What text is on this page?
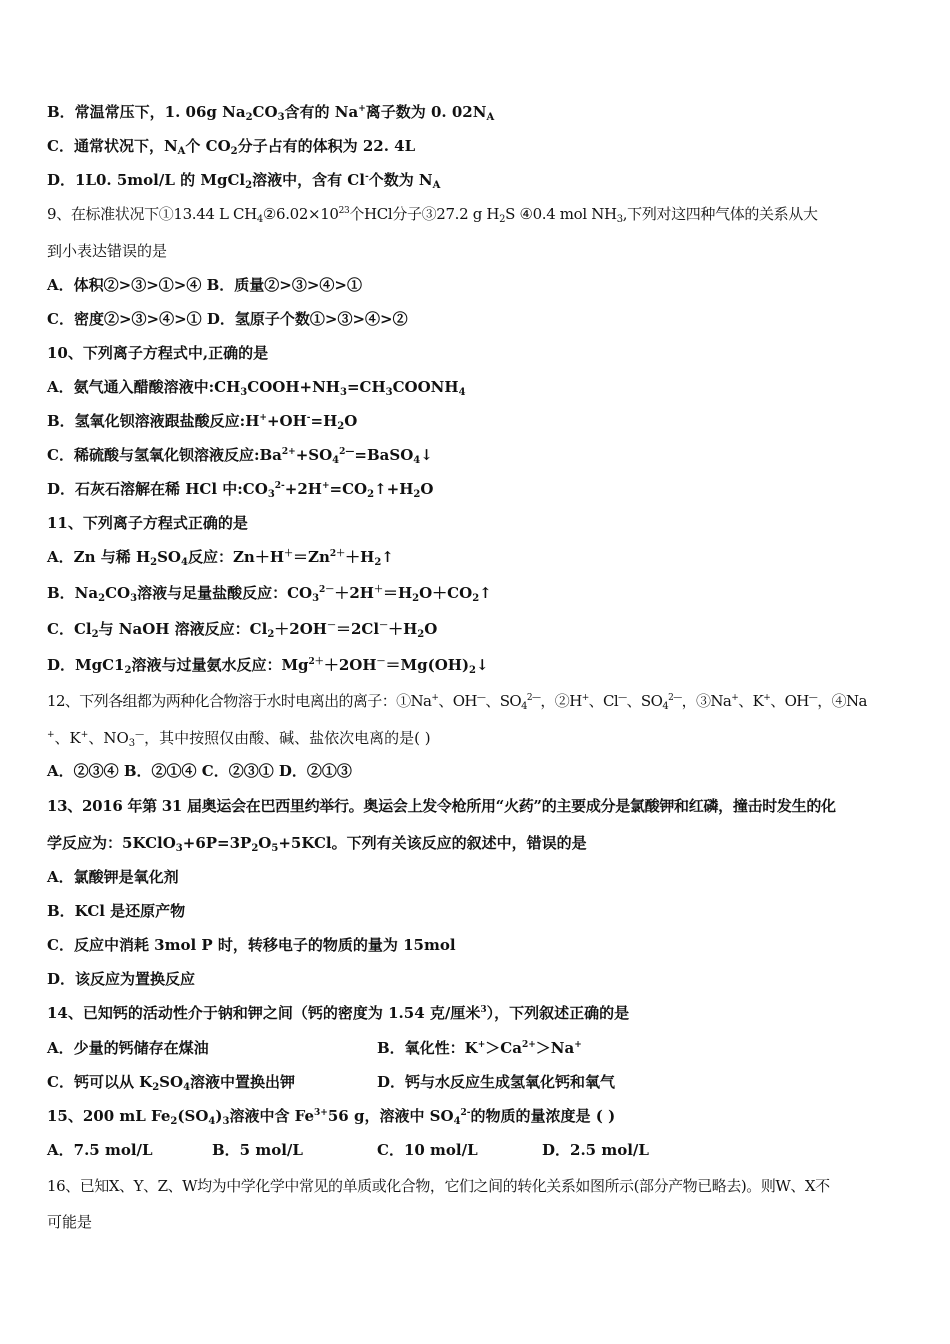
B．常温常压下，1. 06g $Na_2CO_3$含有的 Na+离子数为 0. $02N_A$
C．通常状况下，$N_A$个 $CO_2$分子占有的体积为 22. 4L
D．1L0. 5mol/L 的 MgCl$_2$溶液中，含有 Cl-个数为 $N_A$
9、在标准状况下①13.44 L $CH_4②6.02\times 10^{23}$个HCl分子③27.2 g $H_2S$ ④0.4 mol $NH_3$,下列对这四种气体的关系从大
到小表达错误的是
A．体积②>③>①>④ B．质量②>③>④>①
C．密度②>③>④>① D．氢原子个数①>③>④>②
10、下列离子方程式中,正确的是
A．氨气通入醋酸溶液中$:CH_3COOH+NH_3=CH_3COONH_4$
B．氢氧化钡溶液跟盐酸反应$:H^++OH^-=H_2O$
C．稀硫酸与氢氧化钡溶液反应$:Ba^{2+}+SO_4^{2—}=BaSO_4↓$
D．石灰石溶解在稀 HCl 中$:CO_3^{2-}+2H^+=CO_2↑+H_2O$
11、下列离子方程式正确的是
A．Zn 与稀 $H_2SO_4$反应：$Zn+H^+=Zn^{2+}+H_2↑$
B．$Na_2CO_3$溶液与足量盐酸反应：$CO_3^{2-}+2H^+=H_2O+CO_2↑$
C．$Cl_2$与 NaOH 溶液反应：$Cl_2+2OH^-=2Cl^-+H_2O$
D．$MgC1_2$溶液与过量氨水反应：$Mg^{2+}+2OH^-=Mg(OH)_2↓$
12、下列各组都为两种化合物溶于水时电离出的离子：①Na+、OH—、$SO_4^{2—}$，②H+、Cl—、$SO_4^{2—}$，③Na+、K+、OH—，④Na
+、K+、$NO_3^—$，其中按照仅由酸、碱、盐依次电离的是( )
A．②③④ B．②①④ C．②③① D．②①③
13、2016 年第 31 届奥运会在巴西里约举行。奥运会上发令枪所用“火药”的主要成分是氯酸钾和红磷，撞击时发生的化
学反应为：$5KClO_3+6P=3P_2O_5+5KCl$。下列有关该反应的叙述中，错误的是
A．氯酸钾是氧化剂
B．KCl 是还原产物
C．反应中消耗 3mol P 时，转移电子的物质的量为 15mol
D．该反应为置换反应
14、已知钙的活动性介于钠和钾之间（钙的密度为 1.54 克/厘米$^3$），下列叙述正确的是
A．少量的钙储存在煤油	B．氧化性：$K^+>Ca^{2+}>Na^+$
C．钙可以从 $K_2SO_4$溶液中置换出钾	D．钙与水反应生成氢氧化钙和氧气
15、200 mL $Fe_2(SO_4)_3$溶液中含 $Fe^{3+}56$ g，溶液中 $SO_4^{2-}$的物质的量浓度是 ( )
A．7.5 mol/L	B．5 mol/L	C．10 mol/L	D．2.5 mol/L
16、已知X、Y、Z、W均为中学化学中常见的单质或化合物，它们之间的转化关系如图所示(部分产物已略去)。则W、X不
可能是
